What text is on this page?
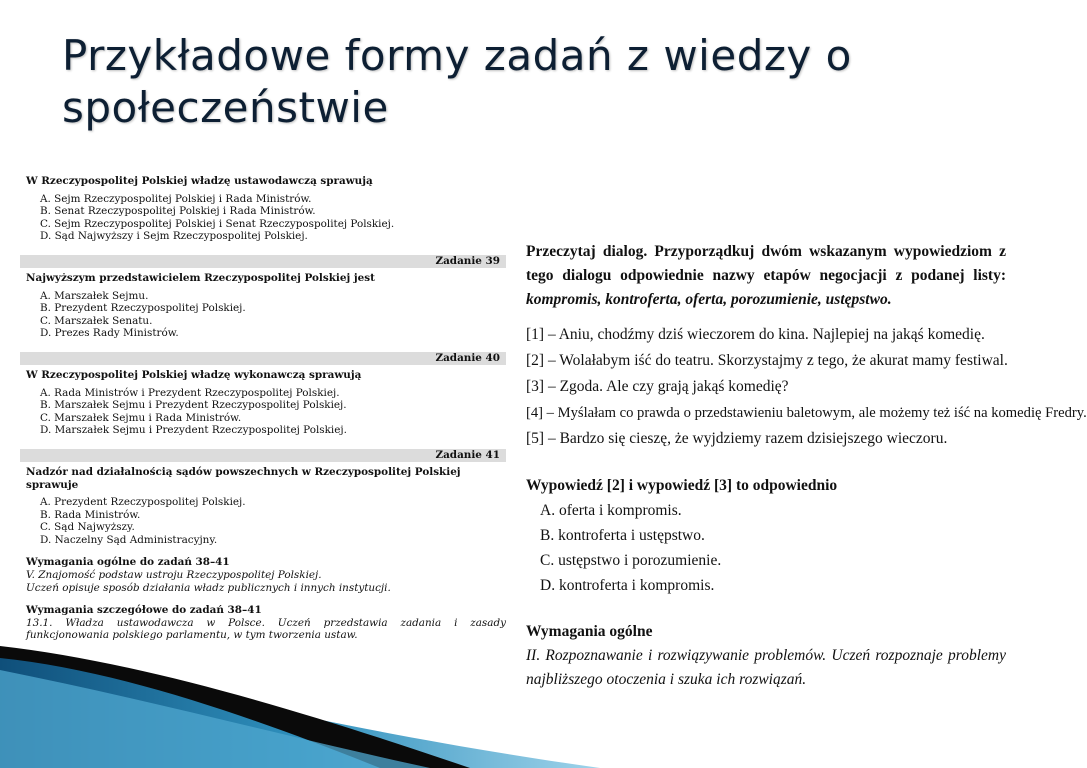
Przykładowe formy zadań z wiedzy o społeczeństwie
W Rzeczypospolitej Polskiej władzę ustawodawczą sprawują
A. Sejm Rzeczypospolitej Polskiej i Rada Ministrów.
B. Senat Rzeczypospolitej Polskiej i Rada Ministrów.
C. Sejm Rzeczypospolitej Polskiej i Senat Rzeczypospolitej Polskiej.
D. Sąd Najwyższy i Sejm Rzeczypospolitej Polskiej.
Zadanie 39
Najwyższym przedstawicielem Rzeczypospolitej Polskiej jest
A. Marszałek Sejmu.
B. Prezydent Rzeczypospolitej Polskiej.
C. Marszałek Senatu.
D. Prezes Rady Ministrów.
Zadanie 40
W Rzeczypospolitej Polskiej władzę wykonawczą sprawują
A. Rada Ministrów i Prezydent Rzeczypospolitej Polskiej.
B. Marszałek Sejmu i Prezydent Rzeczypospolitej Polskiej.
C. Marszałek Sejmu i Rada Ministrów.
D. Marszałek Sejmu i Prezydent Rzeczypospolitej Polskiej.
Zadanie 41
Nadzór nad działalnością sądów powszechnych w Rzeczypospolitej Polskiej sprawuje
A. Prezydent Rzeczypospolitej Polskiej.
B. Rada Ministrów.
C. Sąd Najwyższy.
D. Naczelny Sąd Administracyjny.
Wymagania ogólne do zadań 38–41
V. Znajomość podstaw ustroju Rzeczypospolitej Polskiej.
Uczeń opisuje sposób działania władz publicznych i innych instytucji.
Wymagania szczegółowe do zadań 38–41
13.1. Władza ustawodawcza w Polsce. Uczeń przedstawia zadania i zasady funkcjonowania polskiego parlamentu, w tym tworzenia ustaw.
Przeczytaj dialog. Przyporządkuj dwóm wskazanym wypowiedziom z tego dialogu odpowiednie nazwy etapów negocjacji z podanej listy: kompromis, kontroferta, oferta, porozumienie, ustępstwo.
[1] – Aniu, chodźmy dziś wieczorem do kina. Najlepiej na jakąś komedię.
[2] – Wolałabym iść do teatru. Skorzystajmy z tego, że akurat mamy festiwal.
[3] – Zgoda. Ale czy grają jakąś komedię?
[4] – Myślałam co prawda o przedstawieniu baletowym, ale możemy też iść na komedię Fredry.
[5] – Bardzo się cieszę, że wyjdziemy razem dzisiejszego wieczoru.
Wypowiedź [2] i wypowiedź [3] to odpowiednio
A. oferta i kompromis.
B. kontroferta i ustępstwo.
C. ustępstwo i porozumienie.
D. kontroferta i kompromis.
Wymagania ogólne
II. Rozpoznawanie i rozwiązywanie problemów. Uczeń rozpoznaje problemy najbliższego otoczenia i szuka ich rozwiązań.
